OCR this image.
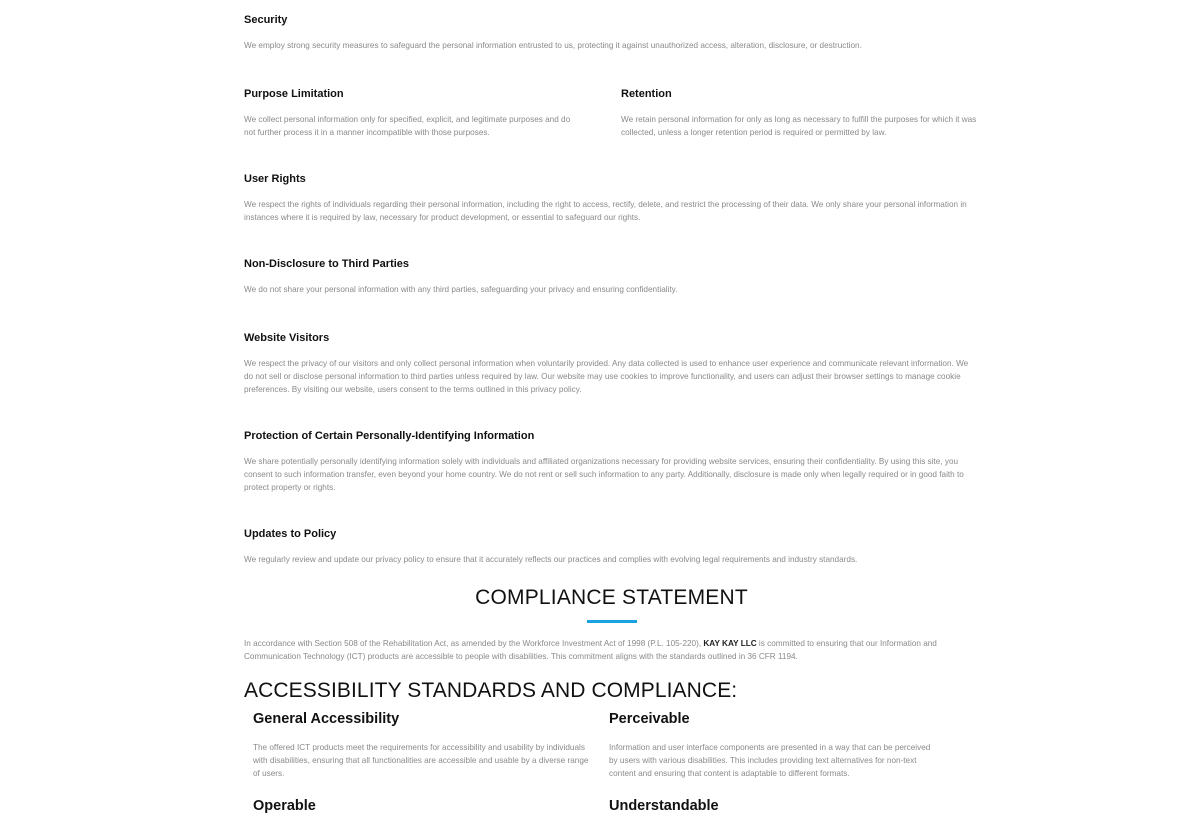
Security

We employ strong security measures to safeguard the personal information entrusted to us, protecting it against unauthorized access, alteration, disclosure, or destruction.

Purpose Limitation

We collect personal information only for specified, explicit, and legitimate purposes and do not further process it in a manner incompatible with those purposes.

Retention

We retain personal information for only as long as necessary to fulfill the purposes for which it was collected, unless a longer retention period is required or permitted by law.

User Rights

We respect the rights of individuals regarding their personal information, including the right to access, rectify, delete, and restrict the processing of their data. We only share your personal information in instances where it is required by law, necessary for product development, or essential to safeguard our rights.

Non-Disclosure to Third Parties

We do not share your personal information with any third parties, safeguarding your privacy and ensuring confidentiality.

Website Visitors

We respect the privacy of our visitors and only collect personal information when voluntarily provided. Any data collected is used to enhance user experience and communicate relevant information. We do not sell or disclose personal information to third parties unless required by law. Our website may use cookies to improve functionality, and users can adjust their browser settings to manage cookie preferences. By visiting our website, users consent to the terms outlined in this privacy policy.

Protection of Certain Personally-Identifying Information

We share potentially personally identifying information solely with individuals and affiliated organizations necessary for providing website services, ensuring their confidentiality. By using this site, you consent to such information transfer, even beyond your home country. We do not rent or sell such information to any party. Additionally, disclosure is made only when legally required or in good faith to protect property or rights.

Updates to Policy

We regularly review and update our privacy policy to ensure that it accurately reflects our practices and complies with evolving legal requirements and industry standards.

COMPLIANCE STATEMENT

In accordance with Section 508 of the Rehabilitation Act, as amended by the Workforce Investment Act of 1998 (P.L. 105-220), KAY KAY LLC is committed to ensuring that our Information and Communication Technology (ICT) products are accessible to people with disabilities. This commitment aligns with the standards outlined in 36 CFR 1194.

ACCESSIBILITY STANDARDS AND COMPLIANCE:
General Accessibility

The offered ICT products meet the requirements for accessibility and usability by individuals with disabilities, ensuring that all functionalities are accessible and usable by a diverse range of users.

Perceivable

Information and user interface components are presented in a way that can be perceived by users with various disabilities. This includes providing text alternatives for non-text content and ensuring that content is adaptable to different formats.

Operable	Understandable
